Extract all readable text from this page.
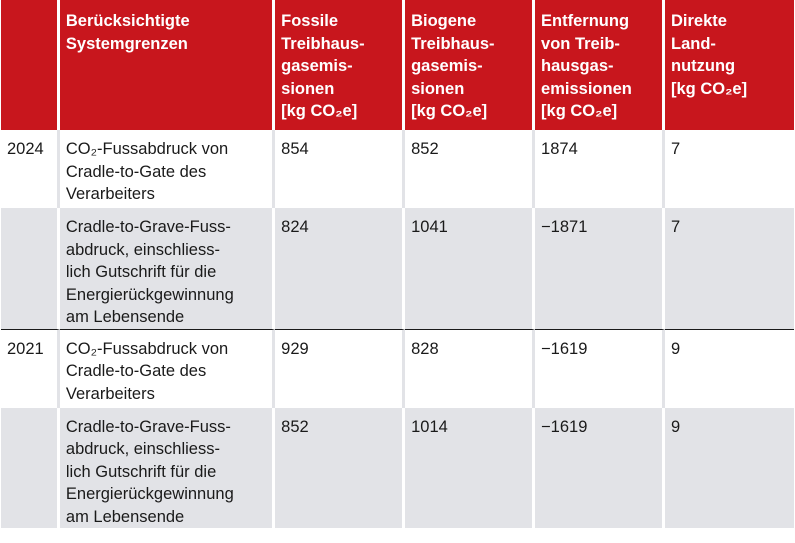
	Berücksichtigte
Systemgrenzen	Fossile
Treibhaus-
gasemis-
sionen
[kg CO₂e]	Biogene
Treibhaus-
gasemis-
sionen
[kg CO₂e]	Entfernung
von Treib-
hausgas-
emissionen
[kg CO₂e]	Direkte
Land-
nutzung
[kg CO₂e]
2024	CO₂-Fussabdruck von
Cradle-to-Gate des
Verarbeiters	854	852	1874	7
	Cradle-to-Grave-Fuss-
abdruck, einschliess-
lich Gutschrift für die
Energierückgewinnung
am Lebensende	824	1041	−1871	7
2021	CO₂-Fussabdruck von
Cradle-to-Gate des
Verarbeiters	929	828	−1619	9
	Cradle-to-Grave-Fuss-
abdruck, einschliess-
lich Gutschrift für die
Energierückgewinnung
am Lebensende	852	1014	−1619	9
